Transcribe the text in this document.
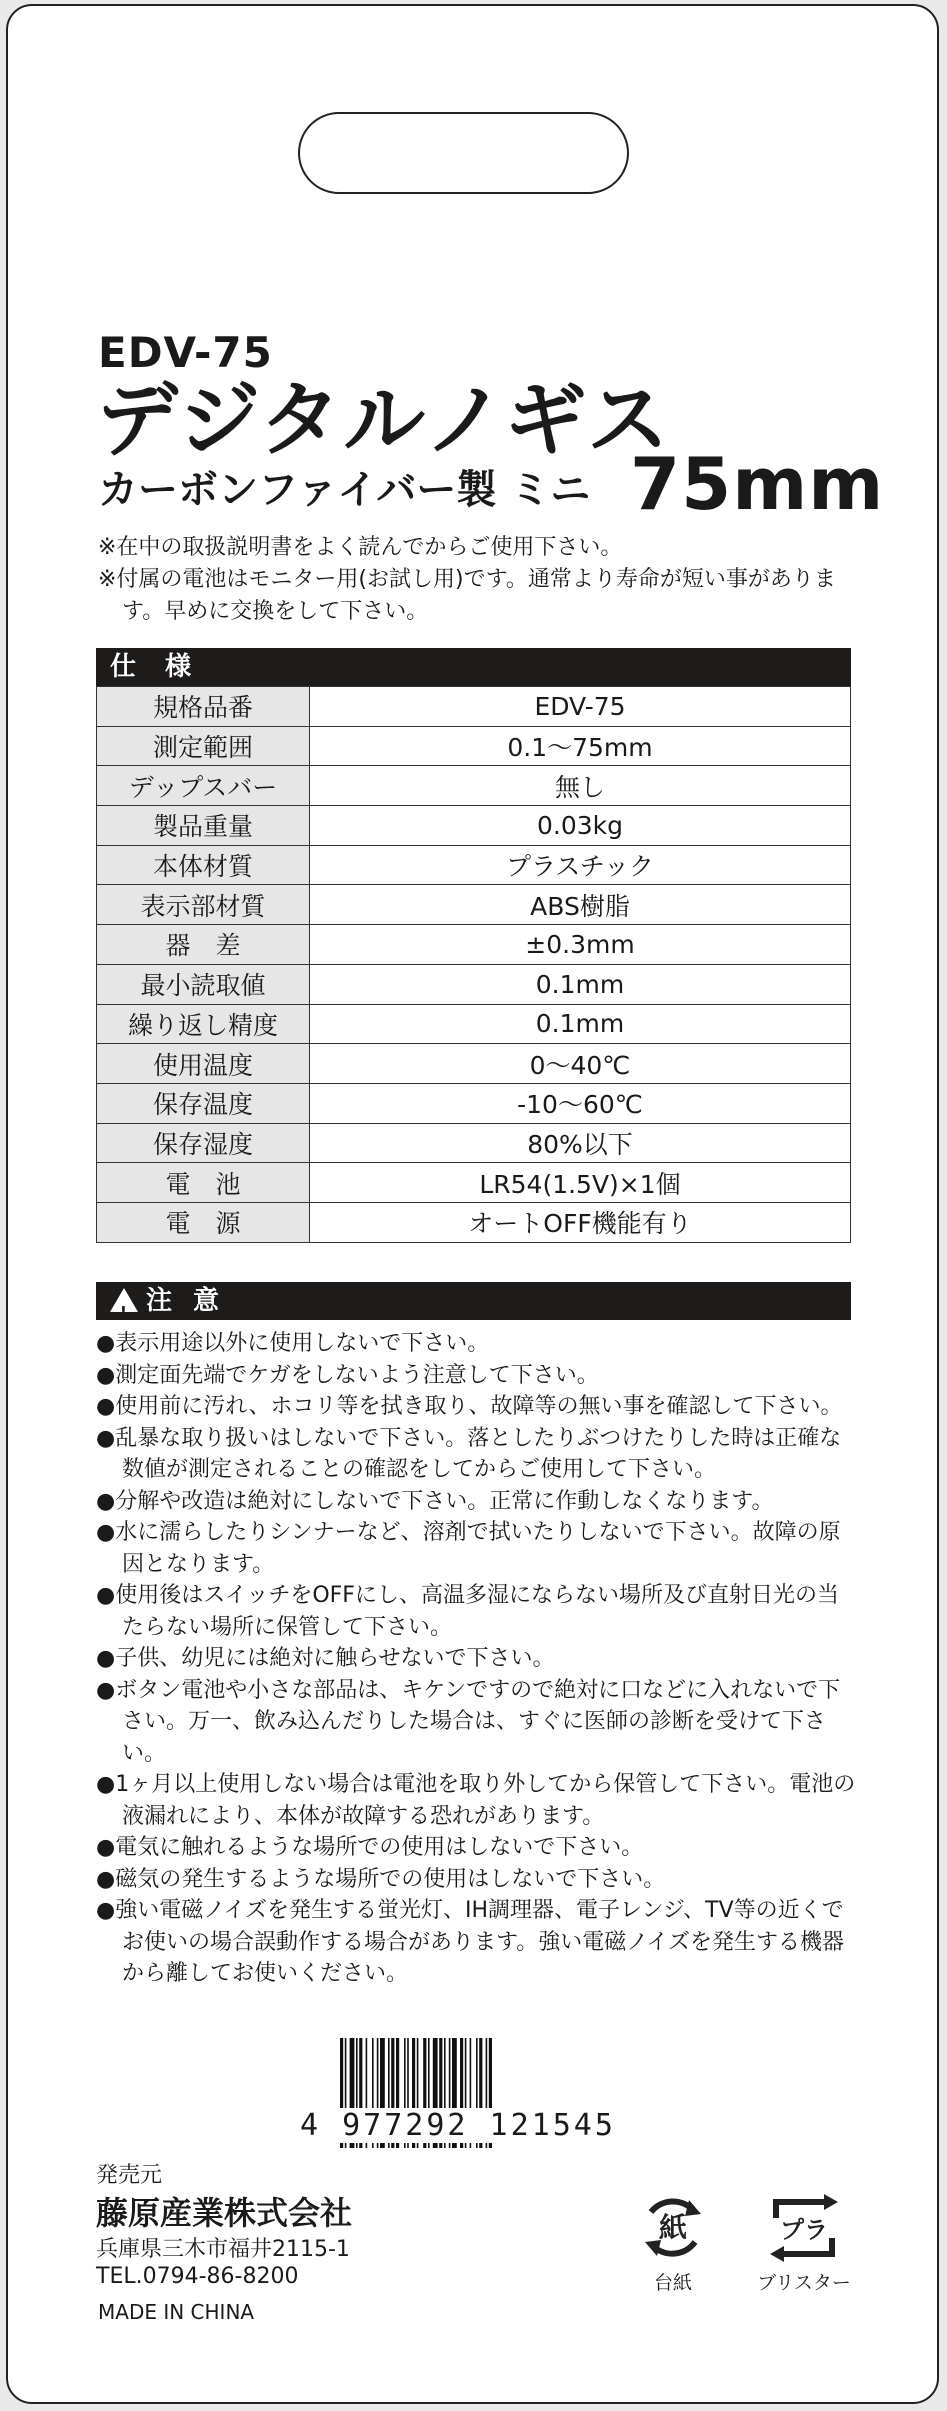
EDV-75
デジタルノギス
カーボンファイバー製 ミニ 75mm
※在中の取扱説明書をよく読んでからご使用下さい。
※付属の電池はモニター用(お試し用)です。通常より寿命が短い事があります。早めに交換をして下さい。
仕 様
規格品番	EDV-75
測定範囲	0.1〜75mm
デップスバー	無し
製品重量	0.03kg
本体材質	プラスチック
表示部材質	ABS樹脂
器　差	±0.3mm
最小読取値	0.1mm
繰り返し精度	0.1mm
使用温度	0〜40℃
保存温度	-10〜60℃
保存湿度	80%以下
電　池	LR54(1.5V)×1個
電　源	オートOFF機能有り
!注 意
●表示用途以外に使用しないで下さい。
●測定面先端でケガをしないよう注意して下さい。
●使用前に汚れ、ホコリ等を拭き取り、故障等の無い事を確認して下さい。
●乱暴な取り扱いはしないで下さい。落としたりぶつけたりした時は正確な数値が測定されることの確認をしてからご使用して下さい。
●分解や改造は絶対にしないで下さい。正常に作動しなくなります。
●水に濡らしたりシンナーなど、溶剤で拭いたりしないで下さい。故障の原因となります。
●使用後はスイッチをOFFにし、高温多湿にならない場所及び直射日光の当たらない場所に保管して下さい。
●子供、幼児には絶対に触らせないで下さい。
●ボタン電池や小さな部品は、キケンですので絶対に口などに入れないで下さい。万一、飲み込んだりした場合は、すぐに医師の診断を受けて下さい。
●1ヶ月以上使用しない場合は電池を取り外してから保管して下さい。電池の液漏れにより、本体が故障する恐れがあります。
●電気に触れるような場所での使用はしないで下さい。
●磁気の発生するような場所での使用はしないで下さい。
●強い電磁ノイズを発生する蛍光灯、IH調理器、電子レンジ、TV等の近くでお使いの場合誤動作する場合があります。強い電磁ノイズを発生する機器から離してお使いください。
4 977292 121545
発売元
藤原産業株式会社
兵庫県三木市福井2115-1
TEL.0794-86-8200
MADE IN CHINA
紙
台紙
プラ
ブリスター
